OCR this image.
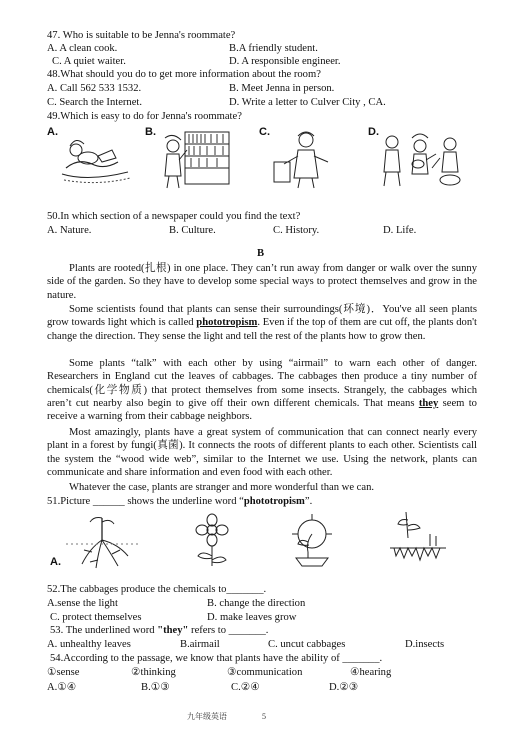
47. Who is suitable to be Jenna's roommate?
A. A clean cook.	B.A friendly student.
C. A quiet waiter.	D. A responsible engineer.
48.What should you do to get more information about the room?
A. Call 562 533 1532.	B. Meet Jenna in person.
C. Search the Internet.	D. Write a letter to Culver City , CA.
49.Which is easy to do for Jenna's roommate?
A.	B.	C.	D.
50.In which section of a newspaper could you find the text?
A. Nature.	B. Culture.	C. History.	D. Life.
B
Plants are rooted(扎根) in one place. They can’t run away from danger or walk over the sunny side of the garden. So they have to develop some special ways to protect themselves and grow in the nature.
Some scientists found that plants can sense their surroundings(环境)．You've all seen plants grow towards light which is called phototropism. Even if the top of them are cut off, the plants don't change the direction. They sense the light and tell the rest of the plants how to grow then.
Some plants “talk” with each other by using “airmail” to warn each other of danger. Researchers in England cut the leaves of cabbages. The cabbages then produce a tiny number of chemicals(化学物质) that protect themselves from some insects. Strangely, the cabbages which aren’t cut nearby also begin to give off their own different chemicals. That means they seem to receive a warning from their cabbage neighbors.
Most amazingly, plants have a great system of communication that can connect nearly every plant in a forest by fungi(真菌). It connects the roots of different plants to each other. Scientists call the system the “wood wide web”, similar to the Internet we use. Using the network, plants can communicate and share information and even food with each other.
Whatever the case, plants are stranger and more wonderful than we can.
51.Picture ______ shows the underline word “phototropism”.
A.
52.The cabbages produce the chemicals to_______.
A.sense the light	B. change the direction
C. protect themselves	D. make leaves grow
53. The underlined word "they" refers to _______.
A. unhealthy leaves	B.airmail	C. uncut cabbages	D.insects
54.According to the passage, we know that plants have the ability of _______.
①sense	②thinking	③communication	④hearing
A.①④	B.①③	C.②④	D.②③
九年级英语	5
